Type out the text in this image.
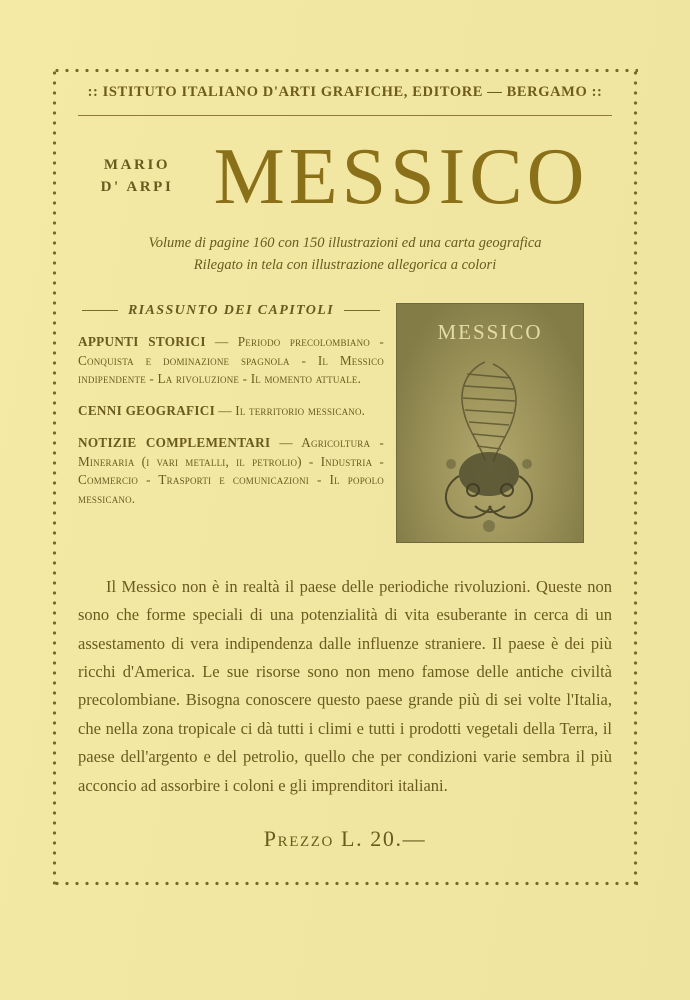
:: ISTITUTO ITALIANO D'ARTI GRAFICHE, EDITORE — BERGAMO ::
MARIO
D' ARPI MESSICO
Volume di pagine 160 con 150 illustrazioni ed una carta geografica
Rilegato in tela con illustrazione allegorica a colori
RIASSUNTO DEI CAPITOLI
APPUNTI STORICI — Periodo precolombiano - Conquista e dominazione spagnola - Il Messico indipendente - La rivoluzione - Il momento attuale.
CENNI GEOGRAFICI — Il territorio messicano.
NOTIZIE COMPLEMENTARI — Agricoltura - Mineraria (i vari metalli, il petrolio) - Industria - Commercio - Trasporti e comunicazioni - Il popolo messicano.
MESSICO
Il Messico non è in realtà il paese delle periodiche rivoluzioni. Queste non sono che forme speciali di una potenzialità di vita esuberante in cerca di un assestamento di vera indipendenza dalle influenze straniere. Il paese è dei più ricchi d'America. Le sue risorse sono non meno famose delle antiche civiltà precolombiane. Bisogna conoscere questo paese grande più di sei volte l'Italia, che nella zona tropicale ci dà tutti i climi e tutti i prodotti vegetali della Terra, il paese dell'argento e del petrolio, quello che per condizioni varie sembra il più acconcio ad assorbire i coloni e gli imprenditori italiani.
Prezzo L. 20.—
